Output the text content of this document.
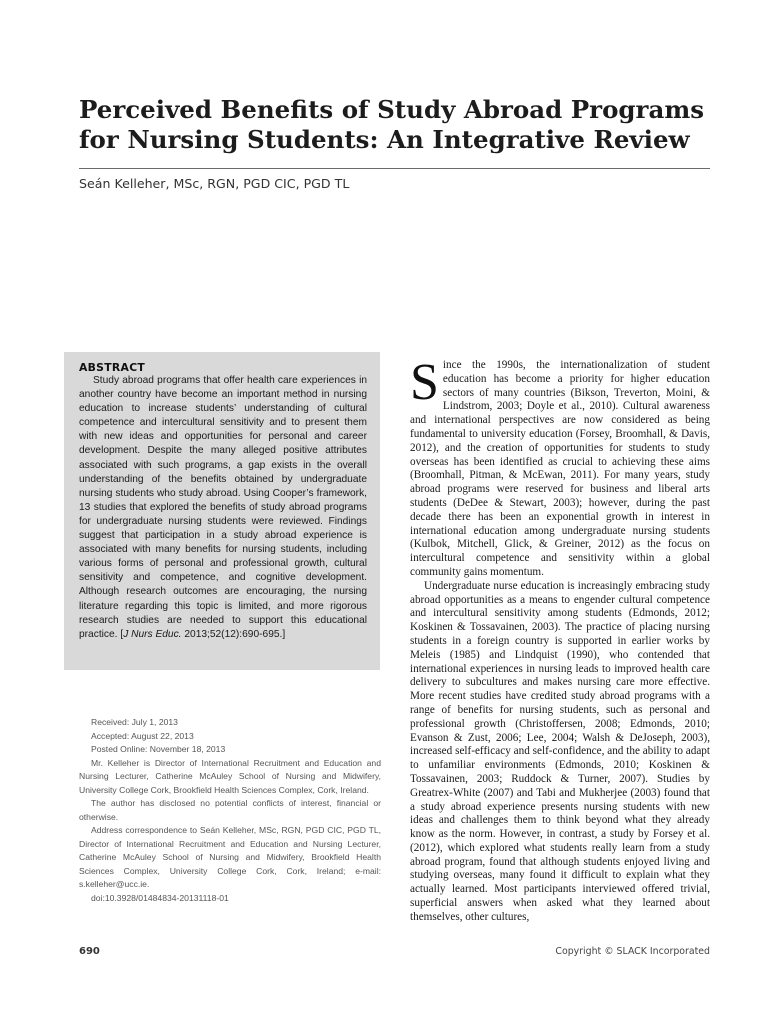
Perceived Benefits of Study Abroad Programs for Nursing Students: An Integrative Review

Seán Kelleher, MSc, RGN, PGD CIC, PGD TL

ABSTRACT

Study abroad programs that offer health care experiences in another country have become an important method in nursing education to increase students’ understanding of cultural competence and intercultural sensitivity and to present them with new ideas and opportunities for personal and career development. Despite the many alleged positive attributes associated with such programs, a gap exists in the overall understanding of the benefits obtained by undergraduate nursing students who study abroad. Using Cooper’s framework, 13 studies that explored the benefits of study abroad programs for undergraduate nursing students were reviewed. Findings suggest that participation in a study abroad experience is associated with many benefits for nursing students, including various forms of personal and professional growth, cultural sensitivity and competence, and cognitive development. Although research outcomes are encouraging, the nursing literature regarding this topic is limited, and more rigorous research studies are needed to support this educational practice. [J Nurs Educ. 2013;52(12):690-695.]

Received: July 1, 2013

Accepted: August 22, 2013

Posted Online: November 18, 2013

Mr. Kelleher is Director of International Recruitment and Education and Nursing Lecturer, Catherine McAuley School of Nursing and Midwifery, University College Cork, Brookfield Health Sciences Complex, Cork, Ireland.

The author has disclosed no potential conflicts of interest, financial or otherwise.

Address correspondence to Seán Kelleher, MSc, RGN, PGD CIC, PGD TL, Director of International Recruitment and Education and Nursing Lecturer, Catherine McAuley School of Nursing and Midwifery, Brookfield Health Sciences Complex, University College Cork, Cork, Ireland; e-mail: s.kelleher@ucc.ie.

doi:10.3928/01484834-20131118-01

Since the 1990s, the internationalization of student education has become a priority for higher education sectors of many countries (Bikson, Treverton, Moini, & Lindstrom, 2003; Doyle et al., 2010). Cultural awareness and international perspectives are now considered as being fundamental to university education (Forsey, Broomhall, & Davis, 2012), and the creation of opportunities for students to study overseas has been identified as crucial to achieving these aims (Broomhall, Pitman, & McEwan, 2011). For many years, study abroad programs were reserved for business and liberal arts students (DeDee & Stewart, 2003); however, during the past decade there has been an exponential growth in interest in international education among undergraduate nursing students (Kulbok, Mitchell, Glick, & Greiner, 2012) as the focus on intercultural competence and sensitivity within a global community gains momentum.

Undergraduate nurse education is increasingly embracing study abroad opportunities as a means to engender cultural competence and intercultural sensitivity among students (Edmonds, 2012; Koskinen & Tossavainen, 2003). The practice of placing nursing students in a foreign country is supported in earlier works by Meleis (1985) and Lindquist (1990), who contended that international experiences in nursing leads to improved health care delivery to subcultures and makes nursing care more effective. More recent studies have credited study abroad programs with a range of benefits for nursing students, such as personal and professional growth (Christoffersen, 2008; Edmonds, 2010; Evanson & Zust, 2006; Lee, 2004; Walsh & DeJoseph, 2003), increased self-efficacy and self-confidence, and the ability to adapt to unfamiliar environments (Edmonds, 2010; Koskinen & Tossavainen, 2003; Ruddock & Turner, 2007). Studies by Greatrex-White (2007) and Tabi and Mukherjee (2003) found that a study abroad experience presents nursing students with new ideas and challenges them to think beyond what they already know as the norm. However, in contrast, a study by Forsey et al. (2012), which explored what students really learn from a study abroad program, found that although students enjoyed living and studying overseas, many found it difficult to explain what they actually learned. Most participants interviewed offered trivial, superficial answers when asked what they learned about themselves, other cultures,

690	Copyright © SLACK Incorporated
